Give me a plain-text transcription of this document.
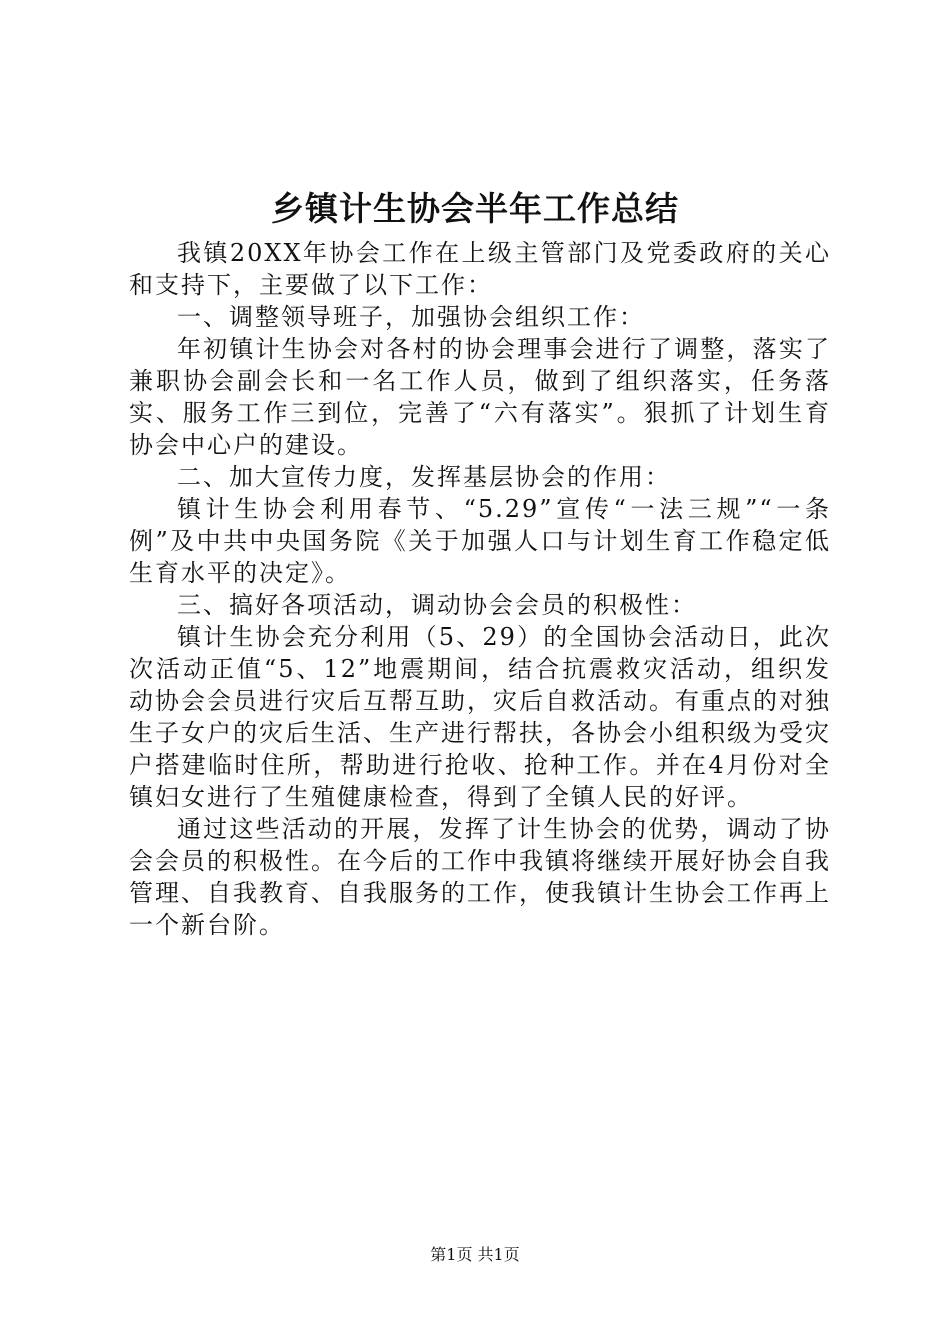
乡镇计生协会半年工作总结

我镇20XX年协会工作在上级主管部门及党委政府的关心和支持下，主要做了以下工作：

一、调整领导班子，加强协会组织工作：

年初镇计生协会对各村的协会理事会进行了调整，落实了兼职协会副会长和一名工作人员，做到了组织落实，任务落实、服务工作三到位，完善了“六有落实”。狠抓了计划生育协会中心户的建设。

二、加大宣传力度，发挥基层协会的作用：

镇计生协会利用春节、“5.29”宣传“一法三规”“一条例”及中共中央国务院《关于加强人口与计划生育工作稳定低生育水平的决定》。

三、搞好各项活动，调动协会会员的积极性：

镇计生协会充分利用（5、29）的全国协会活动日，此次次活动正值“5、12”地震期间，结合抗震救灾活动，组织发动协会会员进行灾后互帮互助，灾后自救活动。有重点的对独生子女户的灾后生活、生产进行帮扶，各协会小组积级为受灾户搭建临时住所，帮助进行抢收、抢种工作。并在4月份对全镇妇女进行了生殖健康检查，得到了全镇人民的好评。

通过这些活动的开展，发挥了计生协会的优势，调动了协会会员的积极性。在今后的工作中我镇将继续开展好协会自我管理、自我教育、自我服务的工作，使我镇计生协会工作再上一个新台阶。

第1页 共1页
